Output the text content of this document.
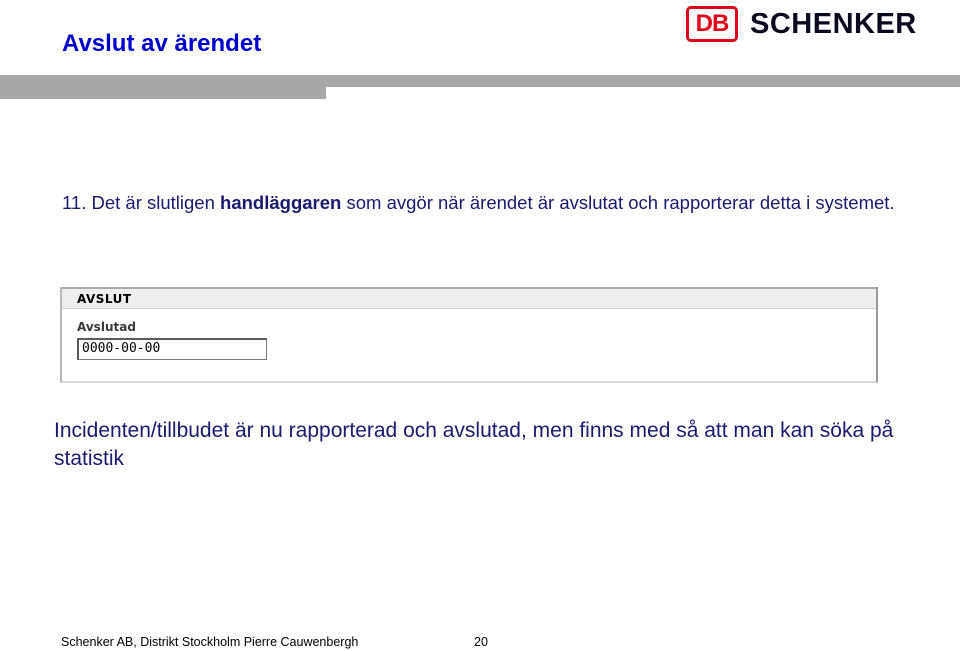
Avslut av ärendet
DB SCHENKER
11. Det är slutligen handläggaren som avgör när ärendet är avslutat och rapporterar detta i systemet.
AVSLUT
Avslutad
0000-00-00
Incidenten/tillbudet är nu rapporterad och avslutad, men finns med så att man kan söka på statistik
Schenker AB, Distrikt Stockholm Pierre Cauwenbergh	20
